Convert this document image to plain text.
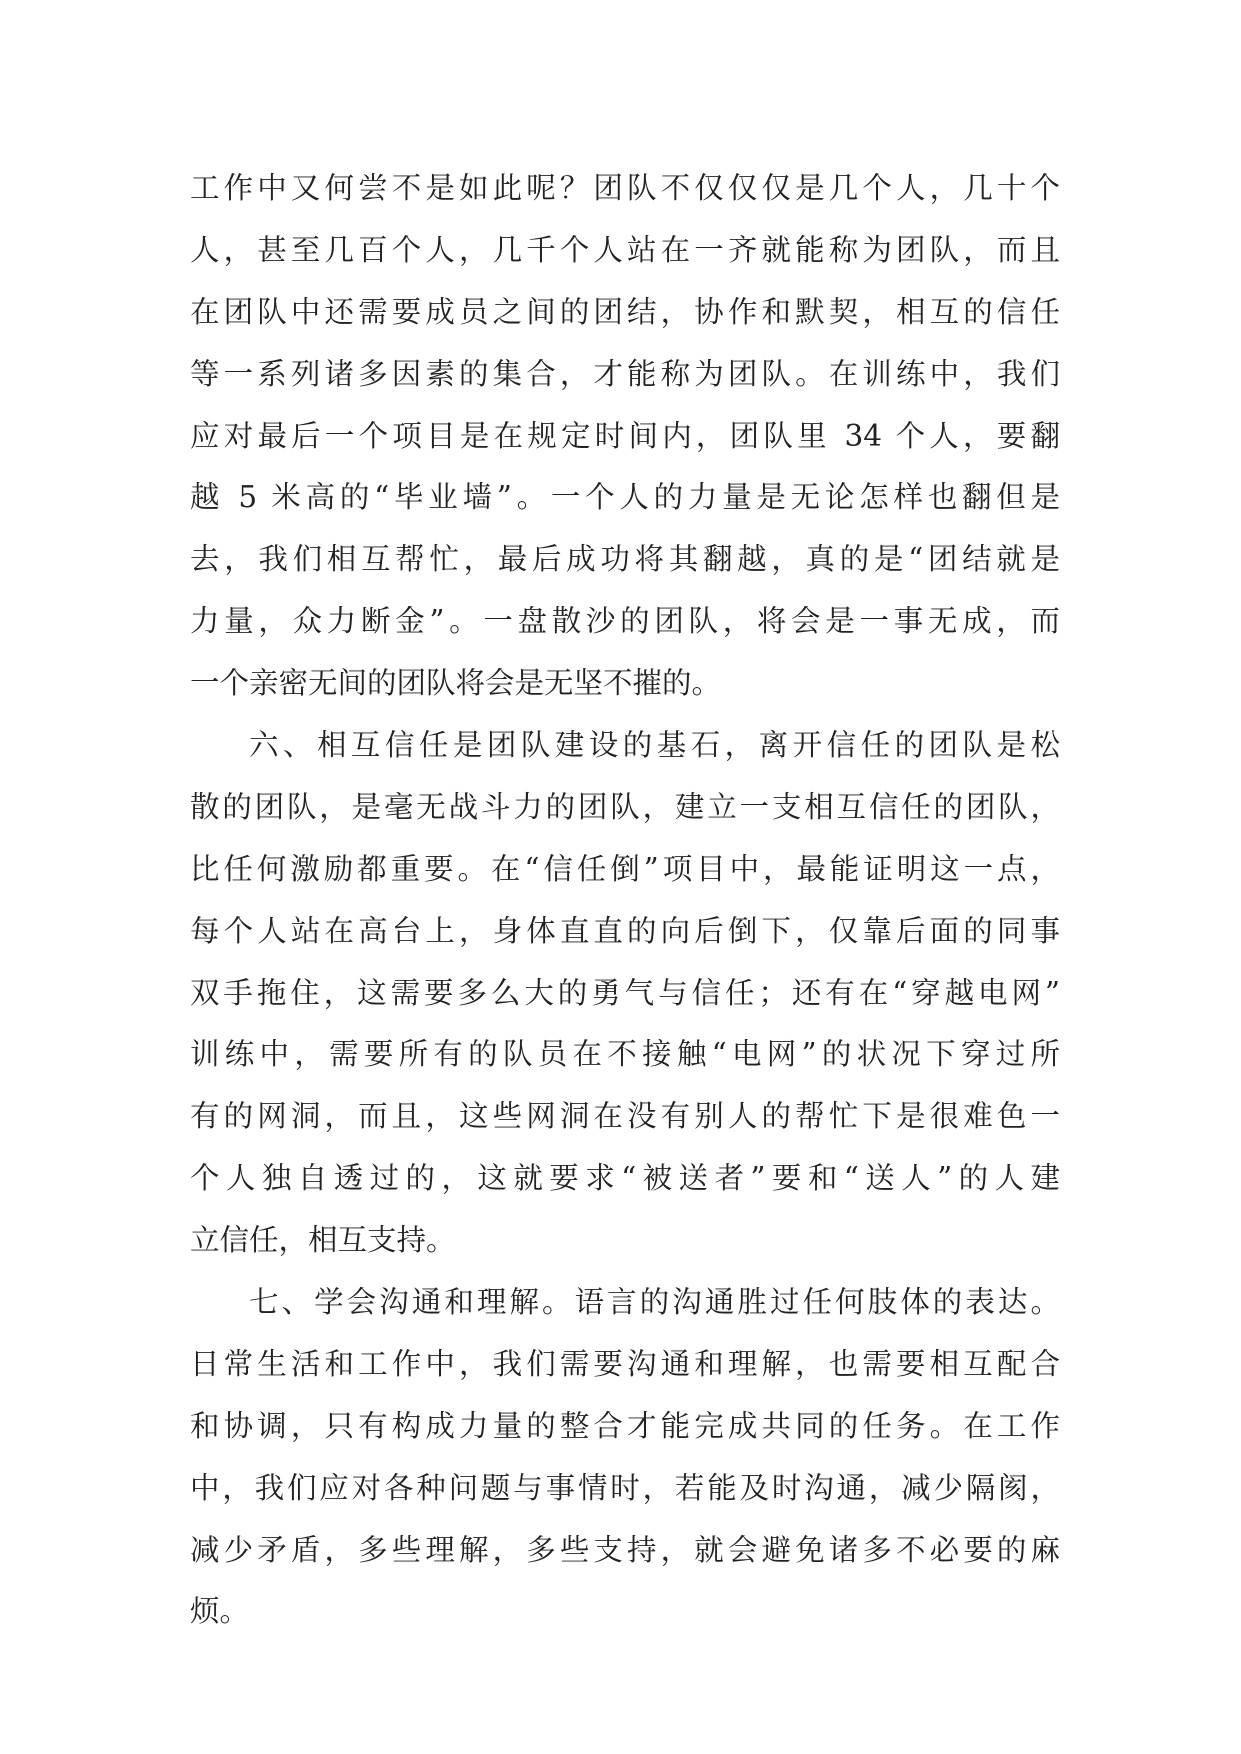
工作中又何尝不是如此呢？团队不仅仅仅是几个人，几十个
人，甚至几百个人，几千个人站在一齐就能称为团队，而且
在团队中还需要成员之间的团结，协作和默契，相互的信任
等一系列诸多因素的集合，才能称为团队。在训练中，我们
应对最后一个项目是在规定时间内，团队里 34 个人，要翻
越 5 米高的“毕业墙”。一个人的力量是无论怎样也翻但是
去，我们相互帮忙，最后成功将其翻越，真的是“团结就是
力量，众力断金”。一盘散沙的团队，将会是一事无成，而
一个亲密无间的团队将会是无坚不摧的。
六、相互信任是团队建设的基石，离开信任的团队是松
散的团队，是毫无战斗力的团队，建立一支相互信任的团队，
比任何激励都重要。在“信任倒”项目中，最能证明这一点，
每个人站在高台上，身体直直的向后倒下，仅靠后面的同事
双手拖住，这需要多么大的勇气与信任；还有在“穿越电网”
训练中，需要所有的队员在不接触“电网”的状况下穿过所
有的网洞，而且，这些网洞在没有别人的帮忙下是很难色一
个人独自透过的，这就要求“被送者”要和“送人”的人建
立信任，相互支持。
七、学会沟通和理解。语言的沟通胜过任何肢体的表达。
日常生活和工作中，我们需要沟通和理解，也需要相互配合
和协调，只有构成力量的整合才能完成共同的任务。在工作
中，我们应对各种问题与事情时，若能及时沟通，减少隔阂，
减少矛盾，多些理解，多些支持，就会避免诸多不必要的麻
烦。
